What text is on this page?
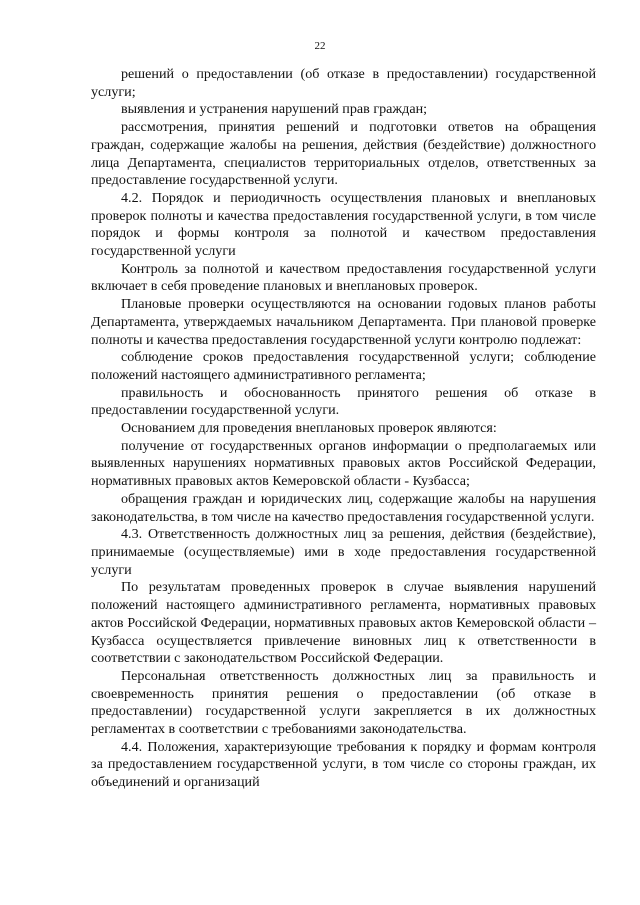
22

решений о предоставлении (об отказе в предоставлении) государственной услуги;

выявления и устранения нарушений прав граждан;

рассмотрения, принятия решений и подготовки ответов на обращения граждан, содержащие жалобы на решения, действия (бездействие) должностного лица Департамента, специалистов территориальных отделов, ответственных за предоставление государственной услуги.

4.2. Порядок и периодичность осуществления плановых и внеплановых проверок полноты и качества предоставления государственной услуги, в том числе порядок и формы контроля за полнотой и качеством предоставления государственной услуги

Контроль за полнотой и качеством предоставления государственной услуги включает в себя проведение плановых и внеплановых проверок.

Плановые проверки осуществляются на основании годовых планов работы Департамента, утверждаемых начальником Департамента. При плановой проверке полноты и качества предоставления государственной услуги контролю подлежат:

соблюдение сроков предоставления государственной услуги; соблюдение положений настоящего административного регламента;

правильность и обоснованность принятого решения об отказе в предоставлении государственной услуги.

Основанием для проведения внеплановых проверок являются:

получение от государственных органов информации о предполагаемых или выявленных нарушениях нормативных правовых актов Российской Федерации, нормативных правовых актов Кемеровской области - Кузбасса;

обращения граждан и юридических лиц, содержащие жалобы на нарушения законодательства, в том числе на качество предоставления государственной услуги.

4.3. Ответственность должностных лиц за решения, действия (бездействие), принимаемые (осуществляемые) ими в ходе предоставления государственной услуги

По результатам проведенных проверок в случае выявления нарушений положений настоящего административного регламента, нормативных правовых актов Российской Федерации, нормативных правовых актов Кемеровской области – Кузбасса осуществляется привлечение виновных лиц к ответственности в соответствии с законодательством Российской Федерации.

Персональная ответственность должностных лиц за правильность и своевременность принятия решения о предоставлении (об отказе в предоставлении) государственной услуги закрепляется в их должностных регламентах в соответствии с требованиями законодательства.

4.4. Положения, характеризующие требования к порядку и формам контроля за предоставлением государственной услуги, в том числе со стороны граждан, их объединений и организаций
